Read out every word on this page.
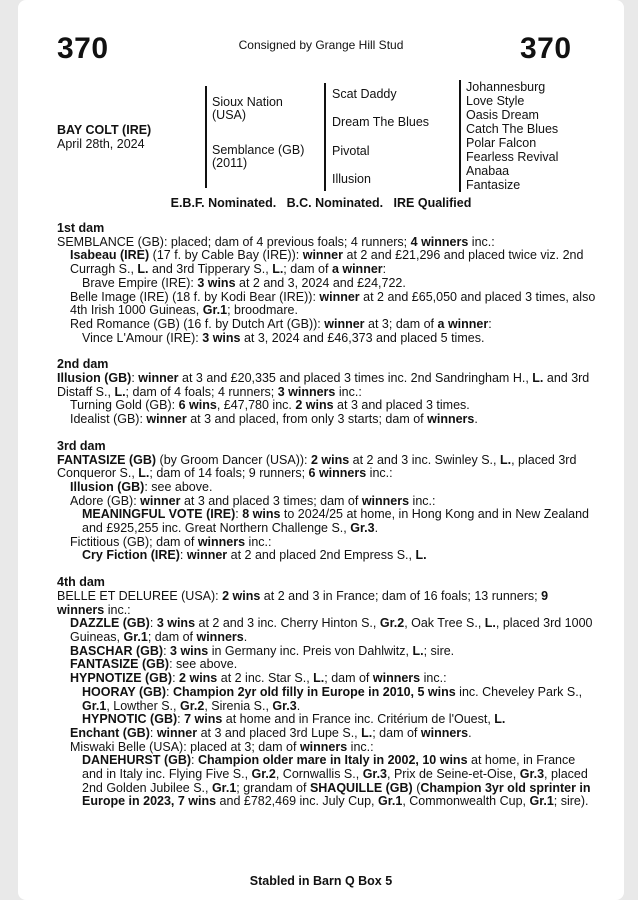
370	Consigned by Grange Hill Stud	370
BAY COLT (IRE)
April 28th, 2024
Sioux Nation
(USA)
Semblance (GB)
(2011)
Scat Daddy
Dream The Blues
Pivotal
Illusion
Johannesburg
Love Style
Oasis Dream
Catch The Blues
Polar Falcon
Fearless Revival
Anabaa
Fantasize
E.B.F. Nominated.   B.C. Nominated.   IRE Qualified
1st dam
SEMBLANCE (GB): placed; dam of 4 previous foals; 4 runners; 4 winners inc.:
Isabeau (IRE) (17 f. by Cable Bay (IRE)): winner at 2 and £21,296 and placed twice viz. 2nd Curragh S., L. and 3rd Tipperary S., L.; dam of a winner:
Brave Empire (IRE): 3 wins at 2 and 3, 2024 and £24,722.
Belle Image (IRE) (18 f. by Kodi Bear (IRE)): winner at 2 and £65,050 and placed 3 times, also 4th Irish 1000 Guineas, Gr.1; broodmare.
Red Romance (GB) (16 f. by Dutch Art (GB)): winner at 3; dam of a winner:
Vince L'Amour (IRE): 3 wins at 3, 2024 and £46,373 and placed 5 times.
2nd dam
Illusion (GB): winner at 3 and £20,335 and placed 3 times inc. 2nd Sandringham H., L. and 3rd Distaff S., L.; dam of 4 foals; 4 runners; 3 winners inc.:
Turning Gold (GB): 6 wins, £47,780 inc. 2 wins at 3 and placed 3 times.
Idealist (GB): winner at 3 and placed, from only 3 starts; dam of winners.
3rd dam
FANTASIZE (GB) (by Groom Dancer (USA)): 2 wins at 2 and 3 inc. Swinley S., L., placed 3rd Conqueror S., L.; dam of 14 foals; 9 runners; 6 winners inc.:
Illusion (GB): see above.
Adore (GB): winner at 3 and placed 3 times; dam of winners inc.:
MEANINGFUL VOTE (IRE): 8 wins to 2024/25 at home, in Hong Kong and in New Zealand and £925,255 inc. Great Northern Challenge S., Gr.3.
Fictitious (GB); dam of winners inc.:
Cry Fiction (IRE): winner at 2 and placed 2nd Empress S., L.
4th dam
BELLE ET DELUREE (USA): 2 wins at 2 and 3 in France; dam of 16 foals; 13 runners; 9 winners inc.:
DAZZLE (GB): 3 wins at 2 and 3 inc. Cherry Hinton S., Gr.2, Oak Tree S., L., placed 3rd 1000 Guineas, Gr.1; dam of winners.
BASCHAR (GB): 3 wins in Germany inc. Preis von Dahlwitz, L.; sire.
FANTASIZE (GB): see above.
HYPNOTIZE (GB): 2 wins at 2 inc. Star S., L.; dam of winners inc.:
HOORAY (GB): Champion 2yr old filly in Europe in 2010, 5 wins inc. Cheveley Park S., Gr.1, Lowther S., Gr.2, Sirenia S., Gr.3.
HYPNOTIC (GB): 7 wins at home and in France inc. Critérium de l'Ouest, L.
Enchant (GB): winner at 3 and placed 3rd Lupe S., L.; dam of winners.
Miswaki Belle (USA): placed at 3; dam of winners inc.:
DANEHURST (GB): Champion older mare in Italy in 2002, 10 wins at home, in France and in Italy inc. Flying Five S., Gr.2, Cornwallis S., Gr.3, Prix de Seine-et-Oise, Gr.3, placed 2nd Golden Jubilee S., Gr.1; grandam of SHAQUILLE (GB) (Champion 3yr old sprinter in Europe in 2023, 7 wins and £782,469 inc. July Cup, Gr.1, Commonwealth Cup, Gr.1; sire).
Stabled in Barn Q Box 5
